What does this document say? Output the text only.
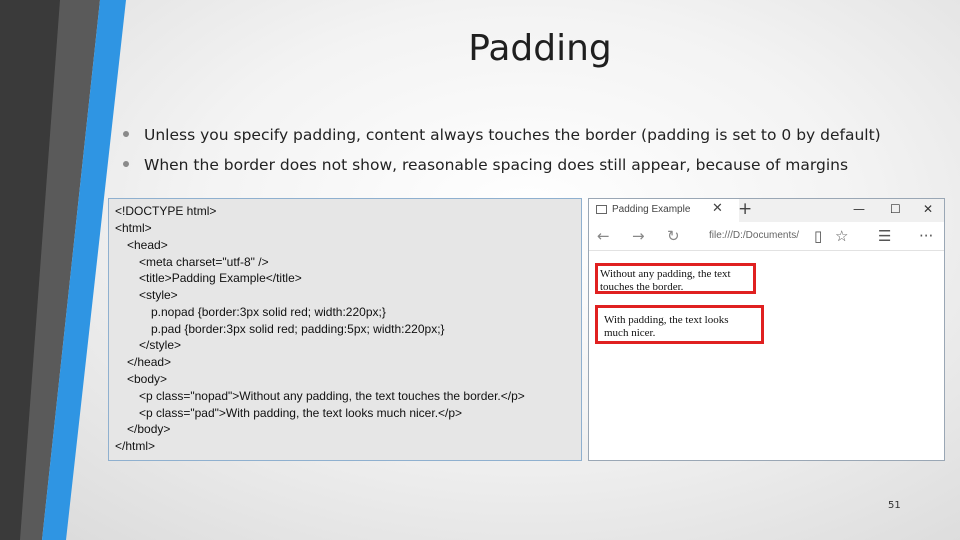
Padding
Unless you specify padding, content always touches the border (padding is set to 0 by default)
When the border does not show, reasonable spacing does still appear, because of margins
<!DOCTYPE html>
<html>
<head>
<meta charset="utf-8" />
<title>Padding Example</title>
<style>
p.nopad {border:3px solid red; width:220px;}
p.pad {border:3px solid red; padding:5px; width:220px;}
</style>
</head>
<body>
<p class="nopad">Without any padding, the text touches the border.</p>
<p class="pad">With padding, the text looks much nicer.</p>
</body>
</html>
Padding Example ✕ +	— ☐ ✕
← → ↻	file:///D:/Documents/ ▯ ☆ ☰ ···
Without any padding, the text touches the border.
With padding, the text looks much nicer.
51
